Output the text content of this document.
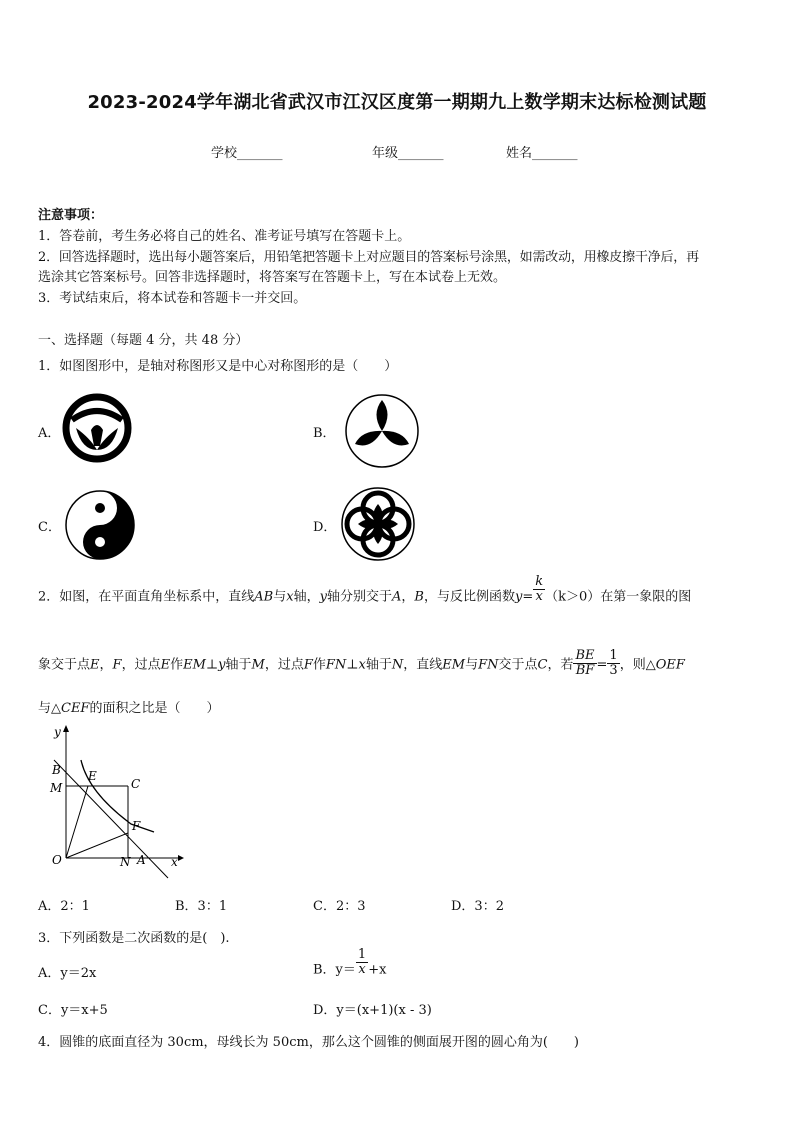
2023-2024学年湖北省武汉市江汉区度第一期期九上数学期末达标检测试题
学校_______	年级_______	姓名_______
注意事项：
1．答卷前，考生务必将自己的姓名、准考证号填写在答题卡上。
2．回答选择题时，选出每小题答案后，用铅笔把答题卡上对应题目的答案标号涂黑，如需改动，用橡皮擦干净后，再
选涂其它答案标号。回答非选择题时，将答案写在答题卡上，写在本试卷上无效。
3．考试结束后，将本试卷和答题卡一并交回。
一、选择题（每题 4 分，共 48 分）
1．如图图形中，是轴对称图形又是中心对称图形的是（　　）
A．	B．
C．	D．
2．如图，在平面直角坐标系中，直线AB与x轴，y轴分别交于A，B，与反比例函数$y= \frac{k}{x} (k>0)$在第一象限的图
象交于点E，F，过点E作EM⊥y轴于M，过点F作FN⊥x轴于N，直线EM与FN交于点C，若 $\frac{BE}{BF} = \frac{1}{3}$ ，则△OEF
与△CEF的面积之比是（　　）
y
B E
C
M
F
O	N A x
A．2：1	B．3：1	C．2：3	D．3：2
3．下列函数是二次函数的是(　).
A．y＝2x	B．$y= \frac{1}{x} +x$
C．y＝x+5	D．y＝(x+1)(x - 3)
4．圆锥的底面直径为 30cm，母线长为 50cm，那么这个圆锥的侧面展开图的圆心角为(　　)
